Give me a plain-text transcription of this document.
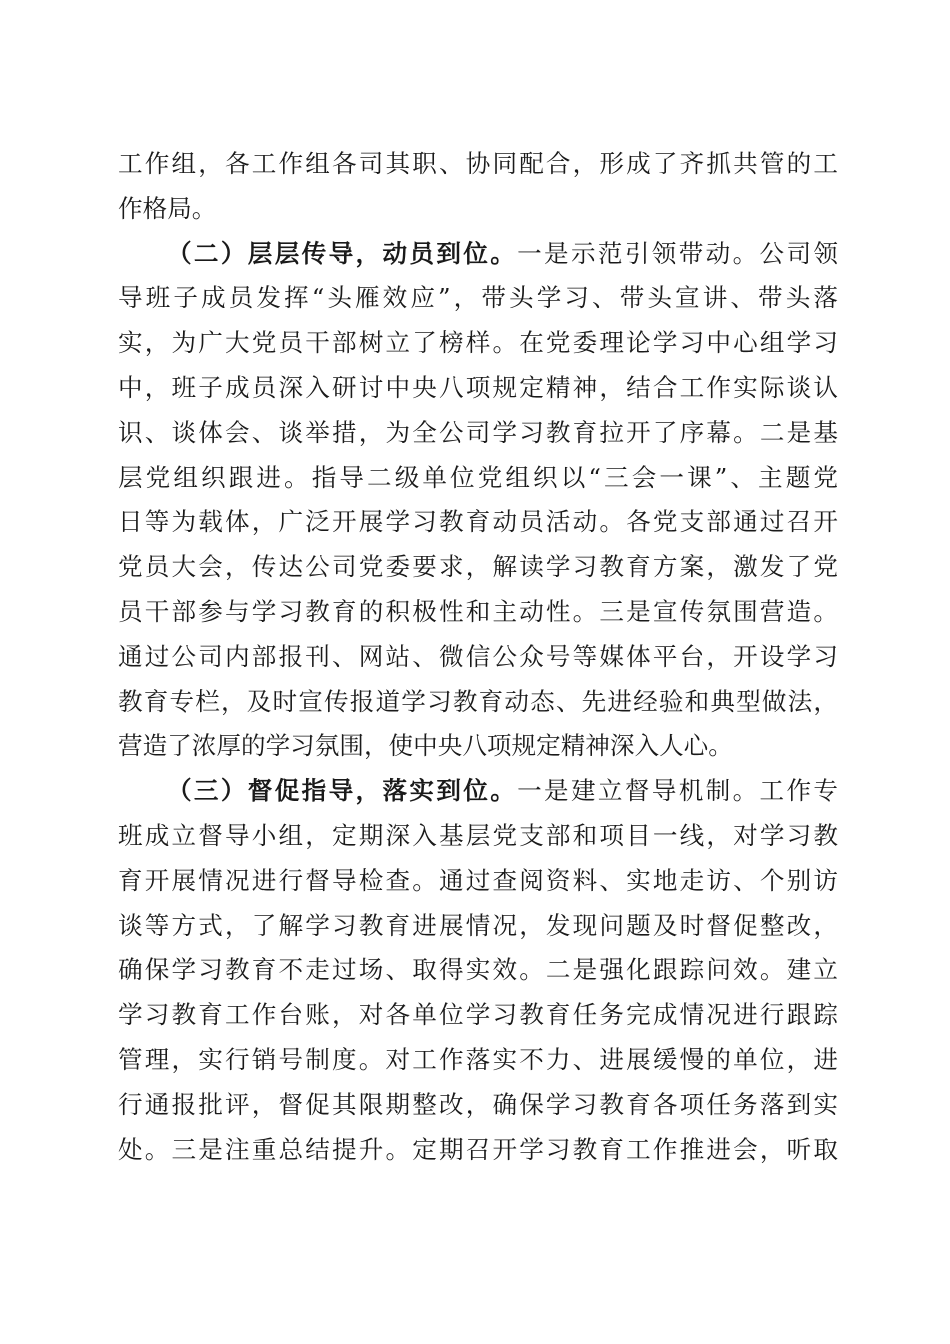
工作组，各工作组各司其职、协同配合，形成了齐抓共管的工
作格局。
（二）层层传导，动员到位。一是示范引领带动。公司领
导班子成员发挥“头雁效应”，带头学习、带头宣讲、带头落
实，为广大党员干部树立了榜样。在党委理论学习中心组学习
中，班子成员深入研讨中央八项规定精神，结合工作实际谈认
识、谈体会、谈举措，为全公司学习教育拉开了序幕。二是基
层党组织跟进。指导二级单位党组织以“三会一课”、主题党
日等为载体，广泛开展学习教育动员活动。各党支部通过召开
党员大会，传达公司党委要求，解读学习教育方案，激发了党
员干部参与学习教育的积极性和主动性。三是宣传氛围营造。
通过公司内部报刊、网站、微信公众号等媒体平台，开设学习
教育专栏，及时宣传报道学习教育动态、先进经验和典型做法，
营造了浓厚的学习氛围，使中央八项规定精神深入人心。
（三）督促指导，落实到位。一是建立督导机制。工作专
班成立督导小组，定期深入基层党支部和项目一线，对学习教
育开展情况进行督导检查。通过查阅资料、实地走访、个别访
谈等方式，了解学习教育进展情况，发现问题及时督促整改，
确保学习教育不走过场、取得实效。二是强化跟踪问效。建立
学习教育工作台账，对各单位学习教育任务完成情况进行跟踪
管理，实行销号制度。对工作落实不力、进展缓慢的单位，进
行通报批评，督促其限期整改，确保学习教育各项任务落到实
处。三是注重总结提升。定期召开学习教育工作推进会，听取
